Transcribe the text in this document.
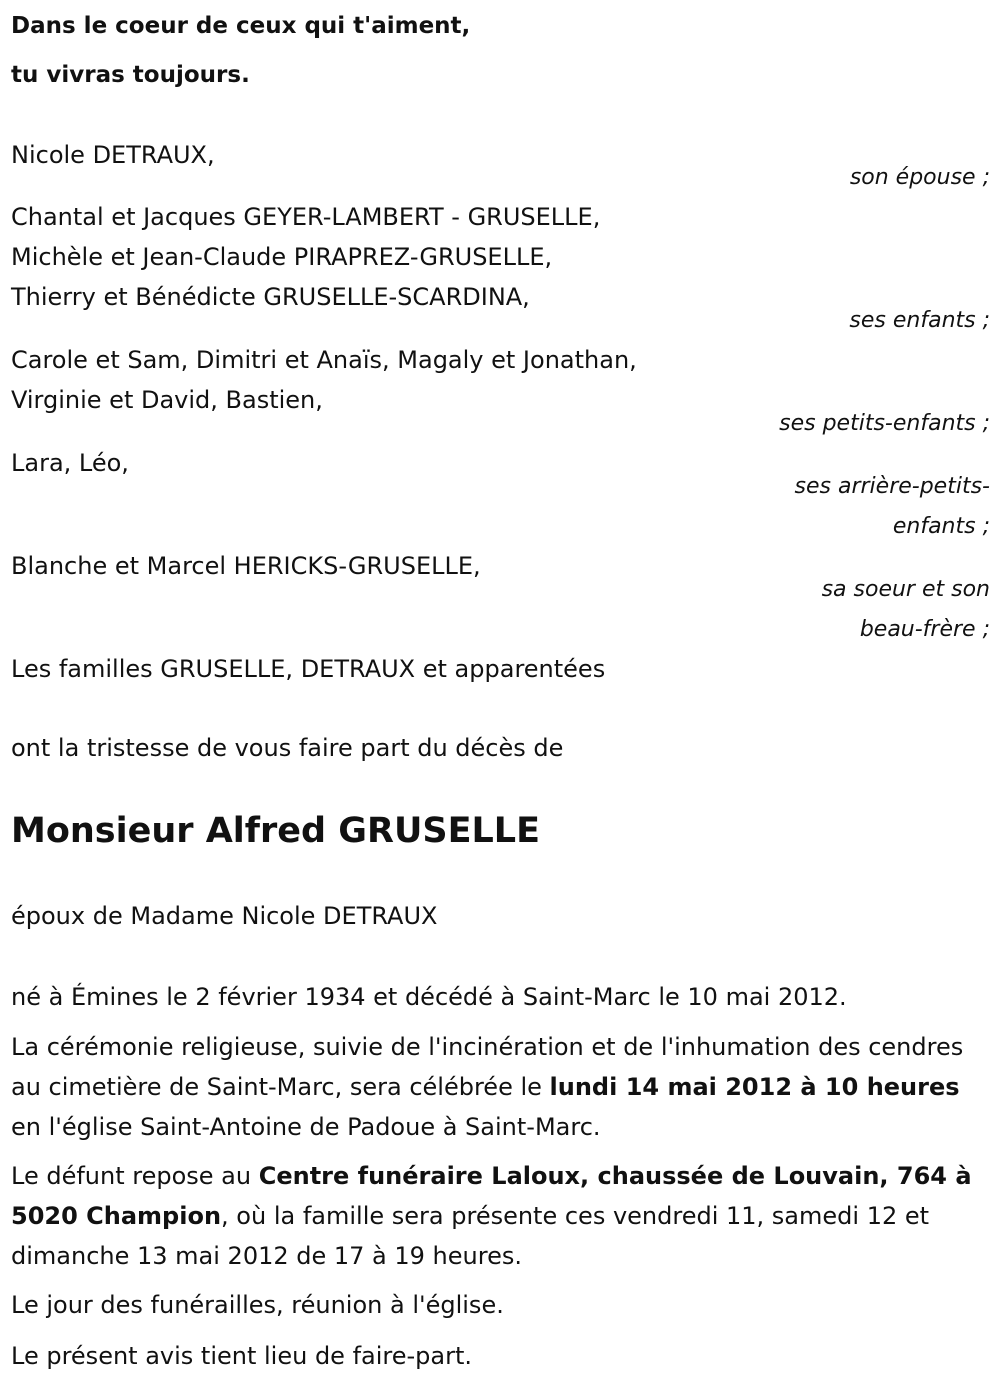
Dans le coeur de ceux qui t'aiment,
tu vivras toujours.
Nicole DETRAUX,
son épouse ;
Chantal et Jacques GEYER-LAMBERT - GRUSELLE,
Michèle et Jean-Claude PIRAPREZ-GRUSELLE,
Thierry et Bénédicte GRUSELLE-SCARDINA,
ses enfants ;
Carole et Sam, Dimitri et Anaïs, Magaly et Jonathan,
Virginie et David, Bastien,
ses petits-enfants ;
Lara, Léo,
ses arrière-petits-
enfants ;
Blanche et Marcel HERICKS-GRUSELLE,
sa soeur et son
beau-frère ;
Les familles GRUSELLE, DETRAUX et apparentées
ont la tristesse de vous faire part du décès de
Monsieur Alfred GRUSELLE
époux de Madame Nicole DETRAUX
né à Émines le 2 février 1934 et décédé à Saint-Marc le 10 mai 2012.
La cérémonie religieuse, suivie de l'incinération et de l'inhumation des cendres au cimetière de Saint-Marc, sera célébrée le lundi 14 mai 2012 à 10 heures en l'église Saint-Antoine de Padoue à Saint-Marc.
Le défunt repose au Centre funéraire Laloux, chaussée de Louvain, 764 à 5020 Champion, où la famille sera présente ces vendredi 11, samedi 12 et dimanche 13 mai 2012 de 17 à 19 heures.
Le jour des funérailles, réunion à l'église.
Le présent avis tient lieu de faire-part.
